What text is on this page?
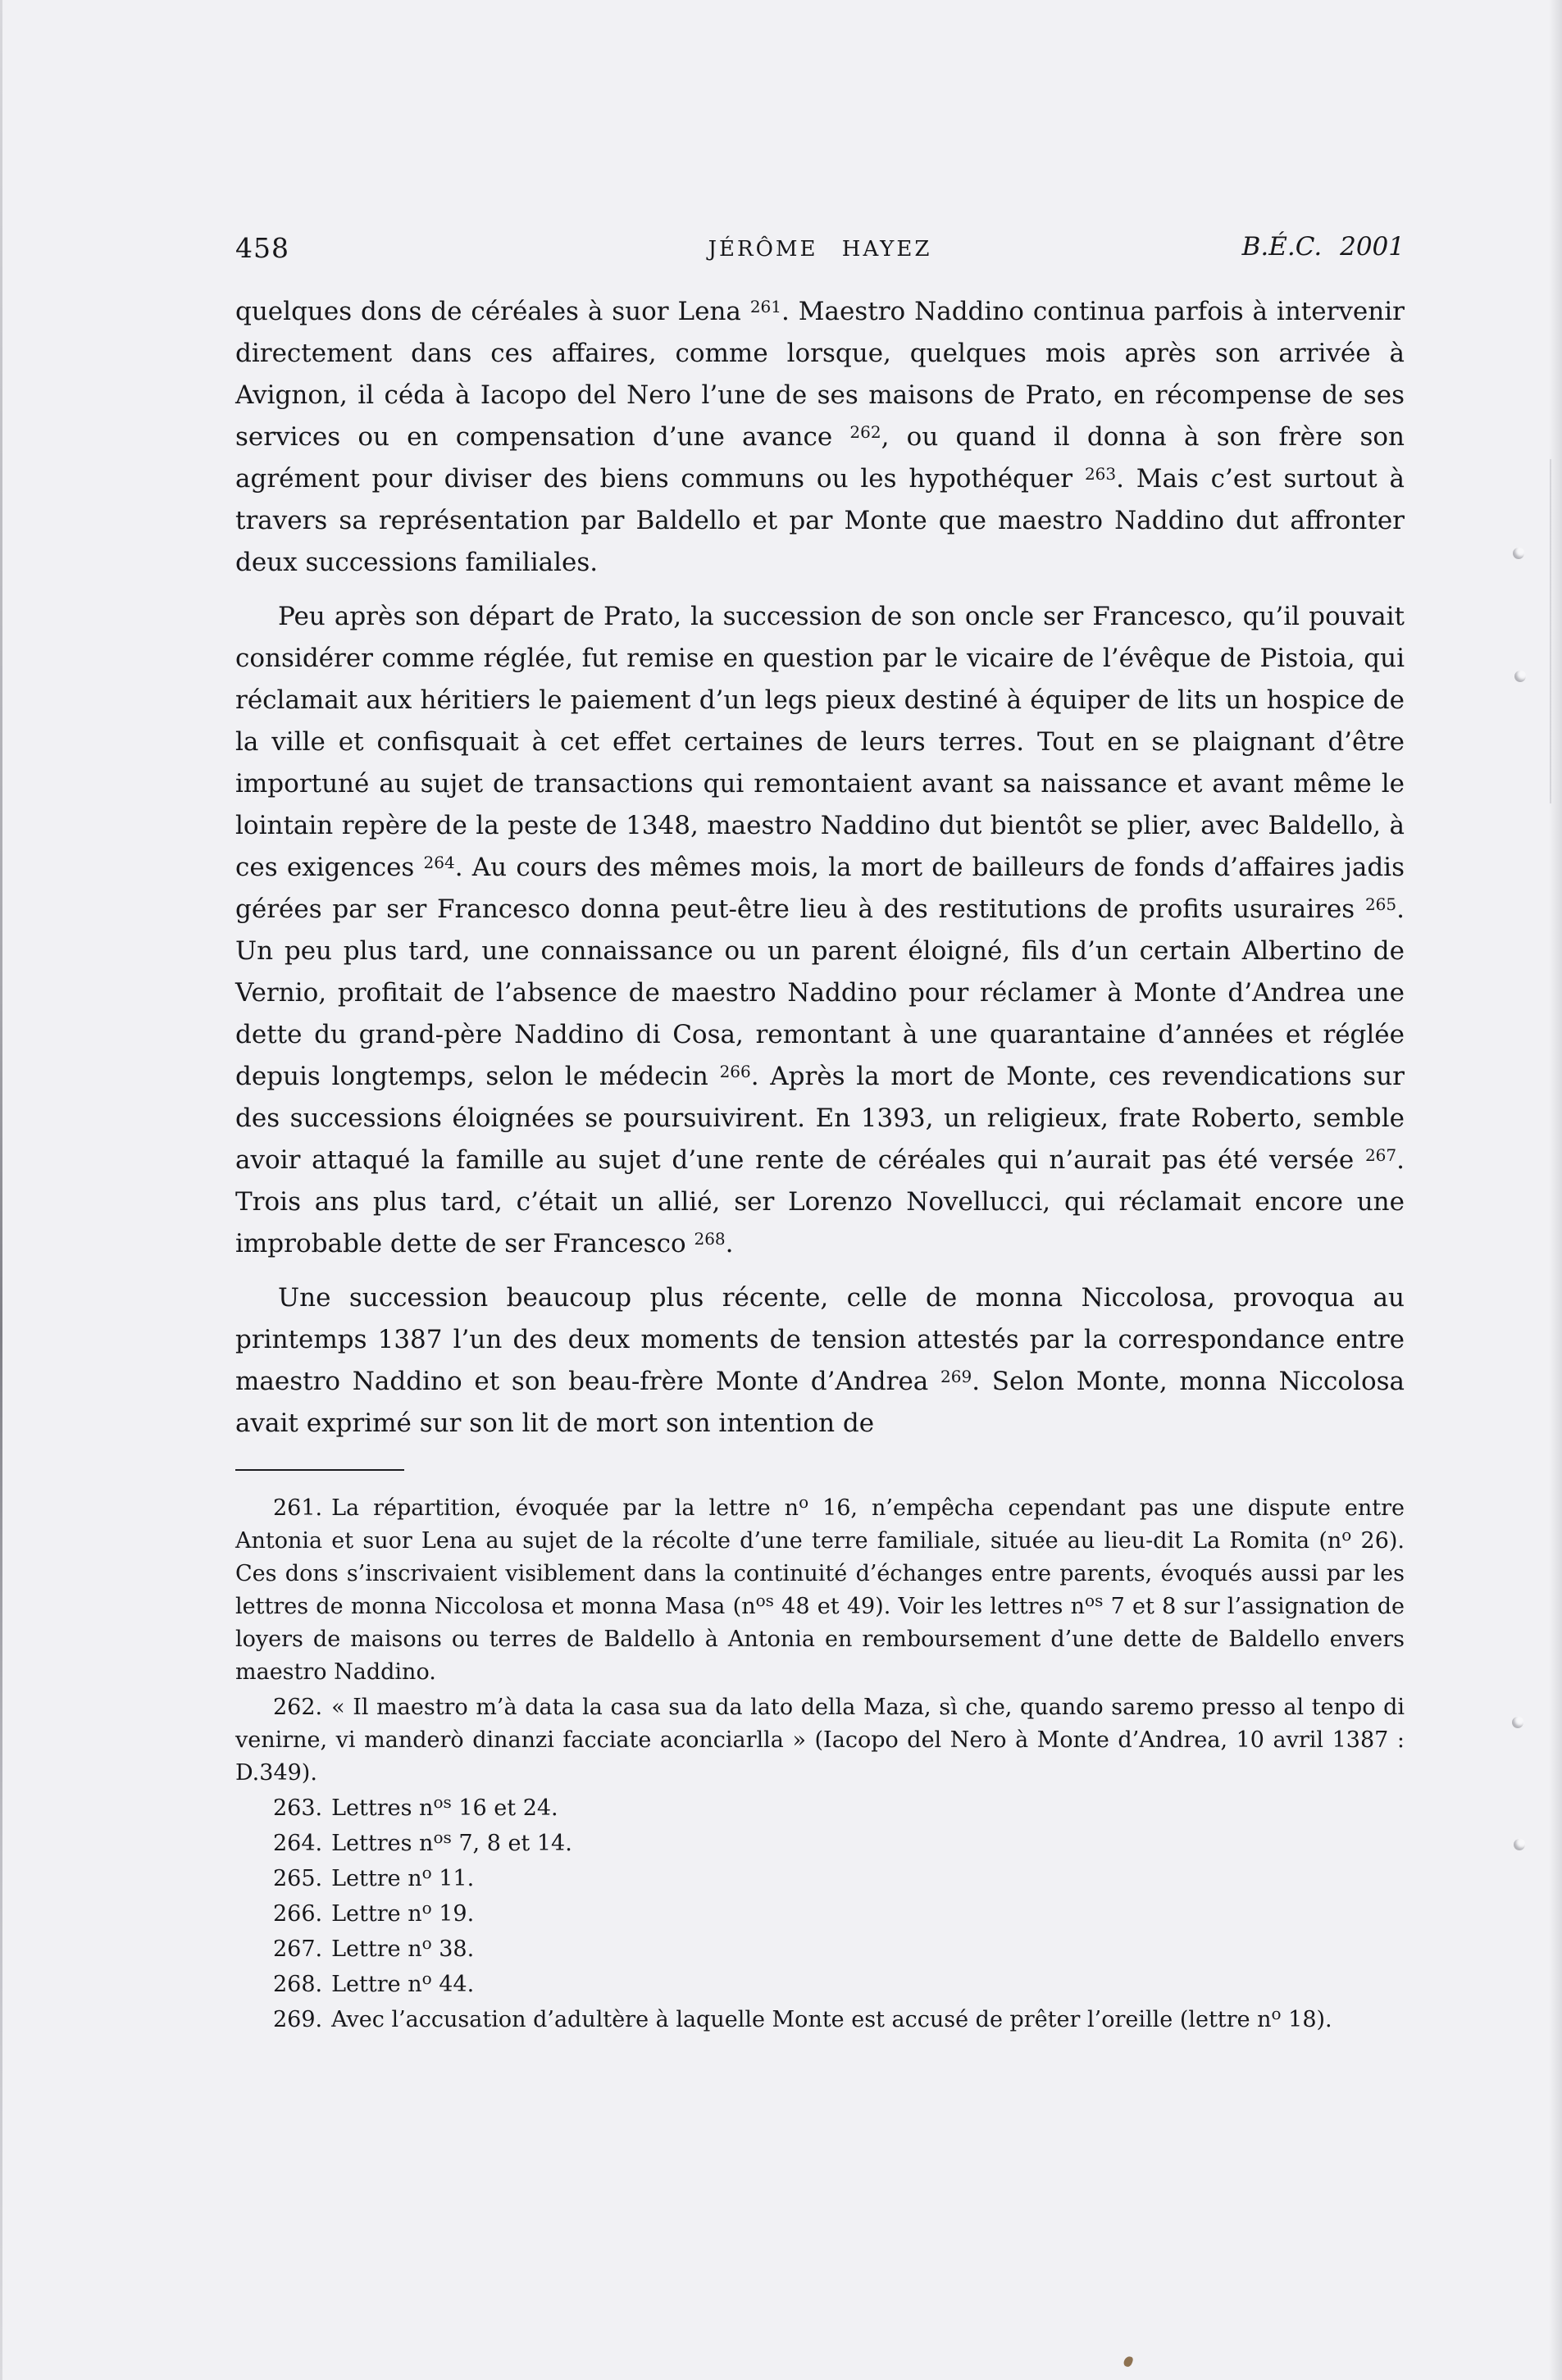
458	JÉRÔME HAYEZ	B.É.C. 2001

quelques dons de céréales à suor Lena $^{261}$. Maestro Naddino continua parfois à intervenir directement dans ces affaires, comme lorsque, quelques mois après son arrivée à Avignon, il céda à Iacopo del Nero l’une de ses maisons de Prato, en récompense de ses services ou en compensation d’une avance $^{262}$, ou quand il donna à son frère son agrément pour diviser des biens communs ou les hypothéquer $^{263}$. Mais c’est surtout à travers sa représentation par Baldello et par Monte que maestro Naddino dut affronter deux successions familiales.

Peu après son départ de Prato, la succession de son oncle ser Francesco, qu’il pouvait considérer comme réglée, fut remise en question par le vicaire de l’évêque de Pistoia, qui réclamait aux héritiers le paiement d’un legs pieux destiné à équiper de lits un hospice de la ville et confisquait à cet effet certaines de leurs terres. Tout en se plaignant d’être importuné au sujet de transactions qui remontaient avant sa naissance et avant même le lointain repère de la peste de 1348, maestro Naddino dut bientôt se plier, avec Baldello, à ces exigences $^{264}$. Au cours des mêmes mois, la mort de bailleurs de fonds d’affaires jadis gérées par ser Francesco donna peut-être lieu à des restitutions de profits usuraires $^{265}$. Un peu plus tard, une connaissance ou un parent éloigné, fils d’un certain Albertino de Vernio, profitait de l’absence de maestro Naddino pour réclamer à Monte d’Andrea une dette du grand-père Naddino di Cosa, remontant à une quarantaine d’années et réglée depuis longtemps, selon le médecin $^{266}$. Après la mort de Monte, ces revendications sur des successions éloignées se poursuivirent. En 1393, un religieux, frate Roberto, semble avoir attaqué la famille au sujet d’une rente de céréales qui n’aurait pas été versée $^{267}$. Trois ans plus tard, c’était un allié, ser Lorenzo Novellucci, qui réclamait encore une improbable dette de ser Francesco $^{268}$.

Une succession beaucoup plus récente, celle de monna Niccolosa, provoqua au printemps 1387 l’un des deux moments de tension attestés par la correspondance entre maestro Naddino et son beau-frère Monte d’Andrea $^{269}$. Selon Monte, monna Niccolosa avait exprimé sur son lit de mort son intention de

261. La répartition, évoquée par la lettre $n^o$ 16, n’empêcha cependant pas une dispute entre Antonia et suor Lena au sujet de la récolte d’une terre familiale, située au lieu-dit La Romita ($n^o$ 26). Ces dons s’inscrivaient visiblement dans la continuité d’échanges entre parents, évoqués aussi par les lettres de monna Niccolosa et monna Masa ($n^{os}$ 48 et 49). Voir les lettres $n^{os}$ 7 et 8 sur l’assignation de loyers de maisons ou terres de Baldello à Antonia en remboursement d’une dette de Baldello envers maestro Naddino.

262. « Il maestro m’à data la casa sua da lato della Maza, sì che, quando saremo presso al tenpo di venirne, vi manderò dinanzi facciate aconciarlla » (Iacopo del Nero à Monte d’Andrea, 10 avril 1387 : D.349).

263. Lettres $n^{os}$ 16 et 24.

264. Lettres $n^{os}$ 7, 8 et 14.

265. Lettre $n^o$ 11.

266. Lettre $n^o$ 19.

267. Lettre $n^o$ 38.

268. Lettre $n^o$ 44.

269. Avec l’accusation d’adultère à laquelle Monte est accusé de prêter l’oreille (lettre $n^o$ 18).
